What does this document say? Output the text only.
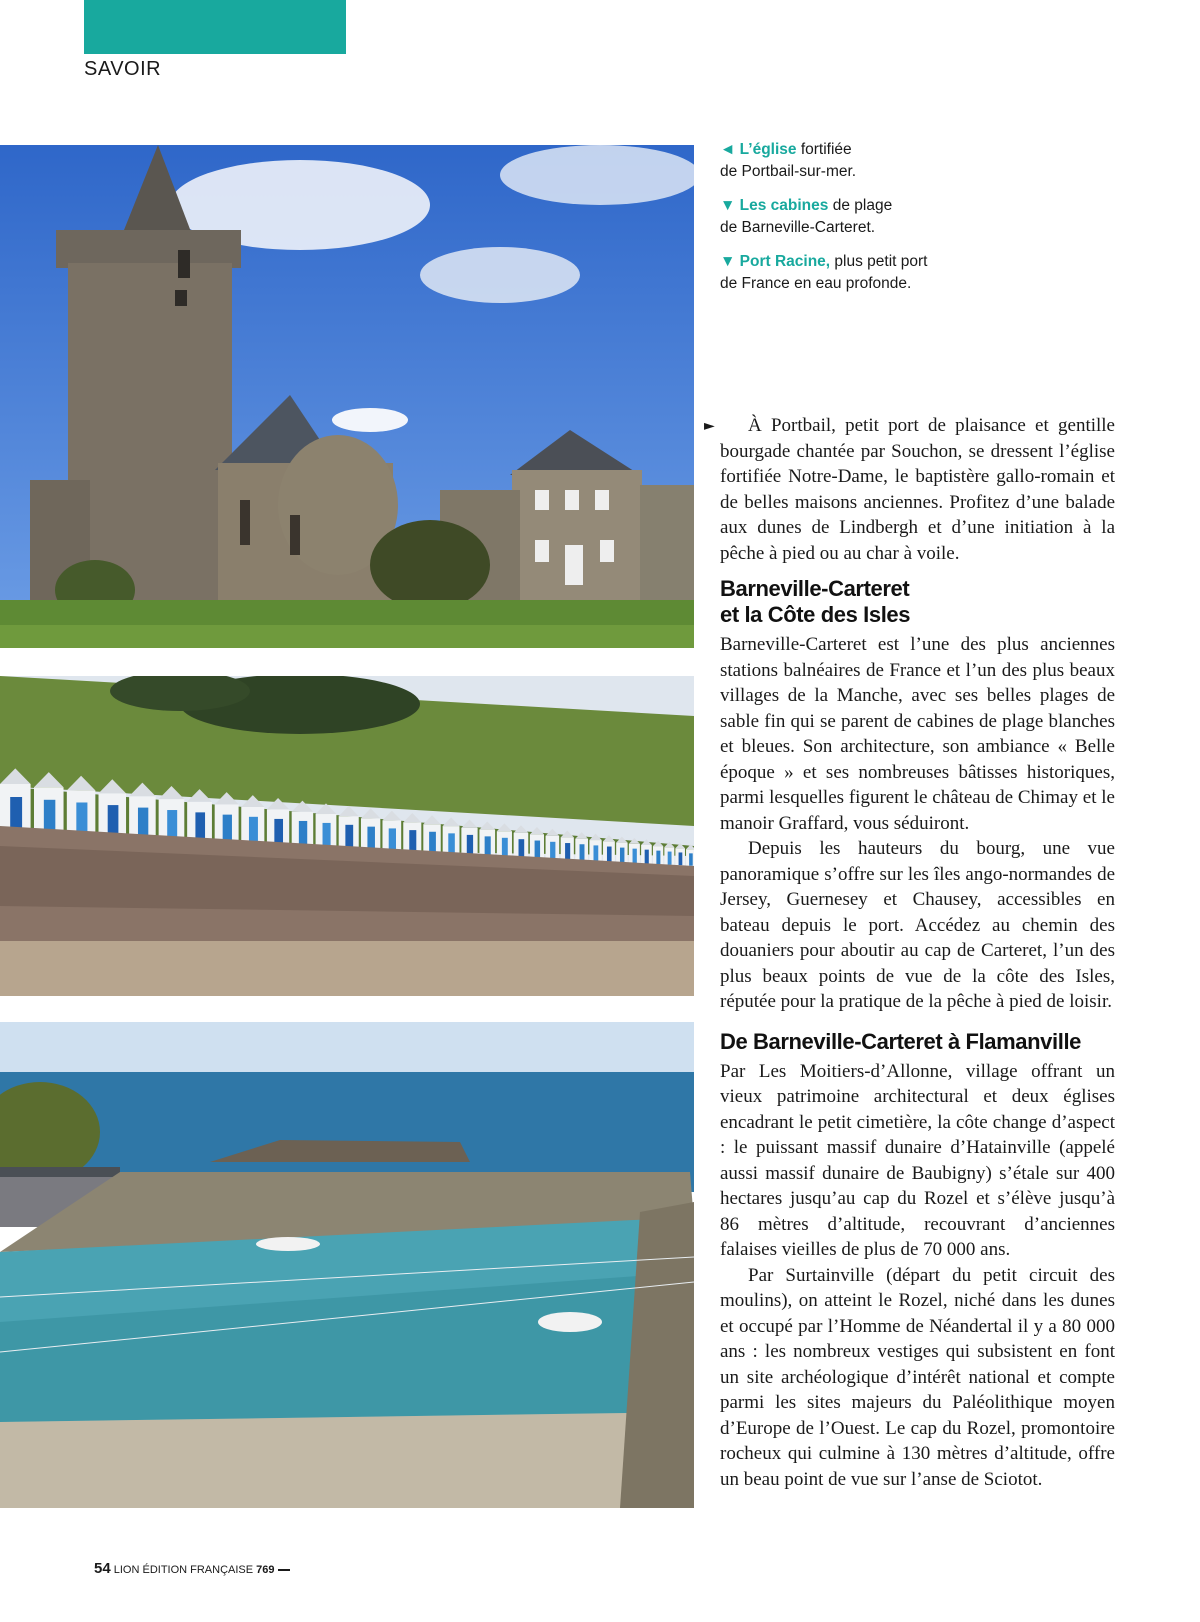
SAVOIR

◄ L’église fortifiée
de Portbail-sur-mer.

▼ Les cabines de plage
de Barneville-Carteret.

▼ Port Racine, plus petit port
de France en eau profonde.

►	À Portbail, petit port de plaisance et gentille bourgade chantée par Souchon, se dressent l’église fortifiée Notre-Dame, le baptistère gallo-romain et de belles maisons anciennes. Profitez d’une balade aux dunes de Lindbergh et d’une initiation à la pêche à pied ou au char à voile.

Barneville-Carteret
et la Côte des Isles

Barneville-Carteret est l’une des plus anciennes stations balnéaires de France et l’un des plus beaux villages de la Manche, avec ses belles plages de sable fin qui se parent de cabines de plage blanches et bleues. Son architecture, son ambiance « Belle époque » et ses nombreuses bâtisses historiques, parmi lesquelles figurent le château de Chimay et le manoir Graffard, vous séduiront.

Depuis les hauteurs du bourg, une vue panoramique s’offre sur les îles ango-normandes de Jersey, Guernesey et Chausey, accessibles en bateau depuis le port. Accédez au chemin des douaniers pour aboutir au cap de Carteret, l’un des plus beaux points de vue de la côte des Isles, réputée pour la pratique de la pêche à pied de loisir.

De Barneville-Carteret à Flamanville

Par Les Moitiers-d’Allonne, village offrant un vieux patrimoine architectural et deux églises encadrant le petit cimetière, la côte change d’aspect : le puissant massif dunaire d’Hatainville (appelé aussi massif dunaire de Baubigny) s’étale sur 400 hectares jusqu’au cap du Rozel et s’élève jusqu’à 86 mètres d’altitude, recouvrant d’anciennes falaises vieilles de plus de 70 000 ans.

Par Surtainville (départ du petit circuit des moulins), on atteint le Rozel, niché dans les dunes et occupé par l’Homme de Néandertal il y a 80 000 ans : les nombreux vestiges qui subsistent en font un site archéologique d’intérêt national et compte parmi les sites majeurs du Paléolithique moyen d’Europe de l’Ouest. Le cap du Rozel, promontoire rocheux qui culmine à 130 mètres d’altitude, offre un beau point de vue sur l’anse de Sciotot.

54 LION ÉDITION FRANÇAISE 769
